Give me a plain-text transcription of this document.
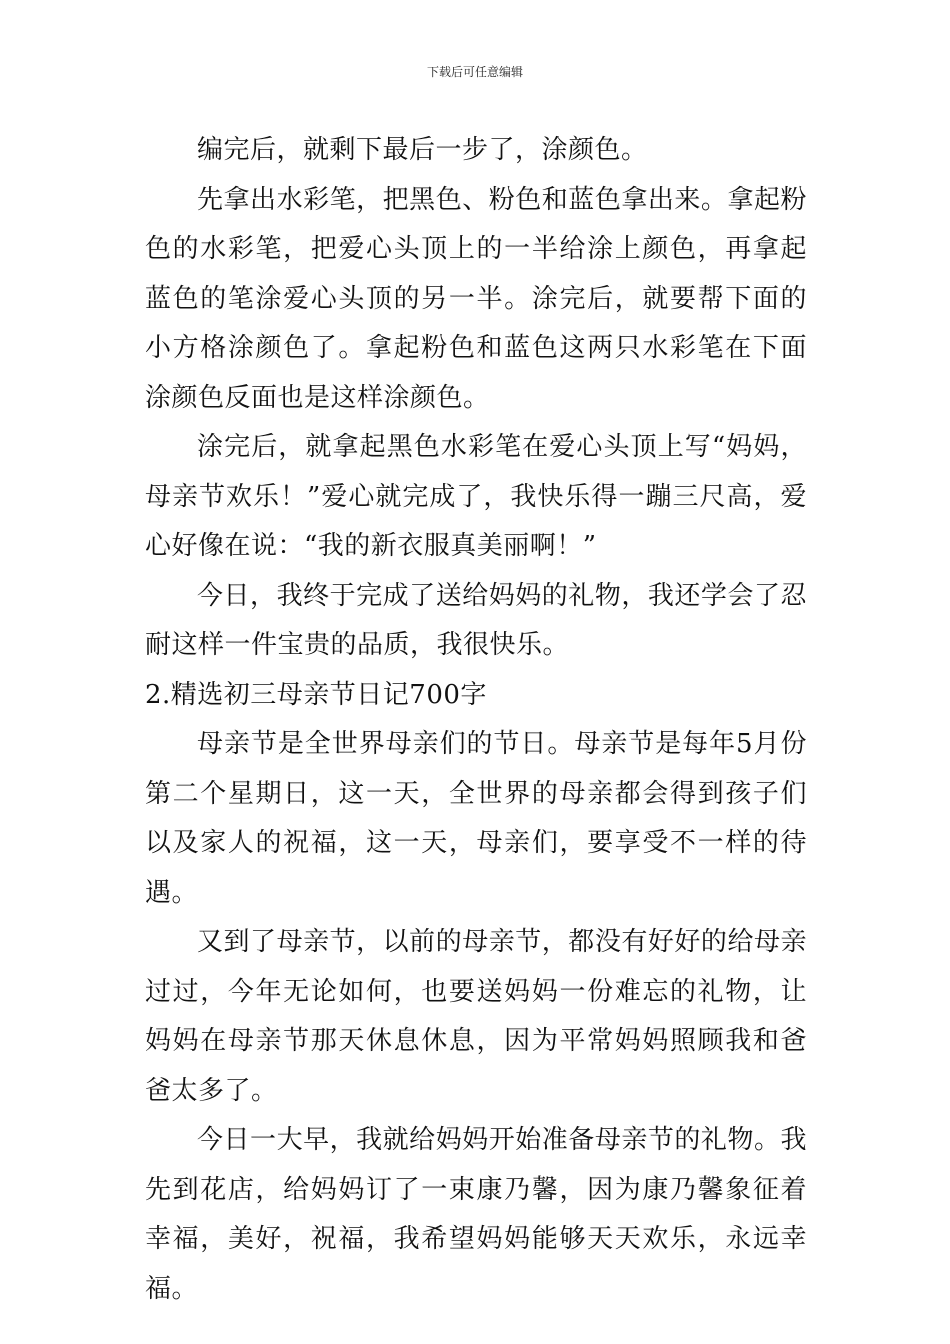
下载后可任意编辑

编完后，就剩下最后一步了，涂颜色。

先拿出水彩笔，把黑色、粉色和蓝色拿出来。拿起粉色的水彩笔，把爱心头顶上的一半给涂上颜色，再拿起蓝色的笔涂爱心头顶的另一半。涂完后，就要帮下面的小方格涂颜色了。拿起粉色和蓝色这两只水彩笔在下面涂颜色反面也是这样涂颜色。

涂完后，就拿起黑色水彩笔在爱心头顶上写“妈妈，母亲节欢乐！”爱心就完成了，我快乐得一蹦三尺高，爱心好像在说：“我的新衣服真美丽啊！”

今日，我终于完成了送给妈妈的礼物，我还学会了忍耐这样一件宝贵的品质，我很快乐。

2.精选初三母亲节日记700字

母亲节是全世界母亲们的节日。母亲节是每年5月份第二个星期日，这一天，全世界的母亲都会得到孩子们以及家人的祝福，这一天，母亲们，要享受不一样的待遇。

又到了母亲节，以前的母亲节，都没有好好的给母亲过过，今年无论如何，也要送妈妈一份难忘的礼物，让妈妈在母亲节那天休息休息，因为平常妈妈照顾我和爸爸太多了。

今日一大早，我就给妈妈开始准备母亲节的礼物。我先到花店，给妈妈订了一束康乃馨，因为康乃馨象征着幸福，美好，祝福，我希望妈妈能够天天欢乐，永远幸福。
